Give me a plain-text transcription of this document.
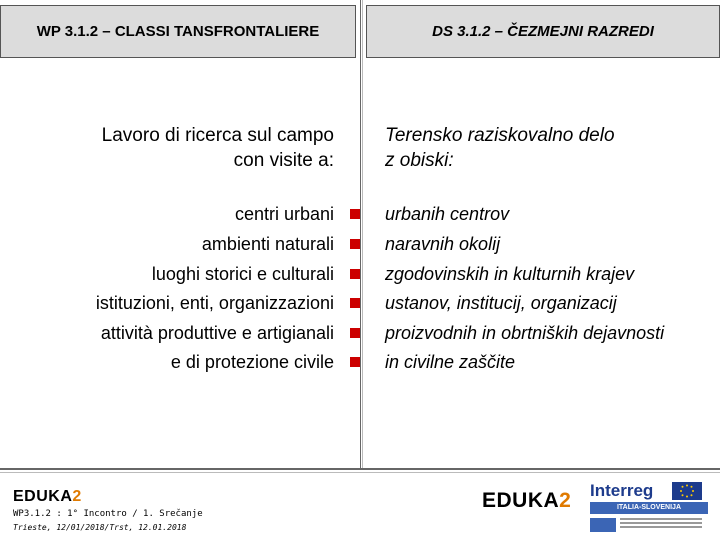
WP 3.1.2 – CLASSI TANSFRONTALIERE	DS 3.1.2 – ČEZMEJNI RAZREDI
Lavoro di ricerca sul campo
con visite a:
Terensko raziskovalno delo
z obiski:
centri urbani	urbanih centrov
ambienti naturali	naravnih okolij
luoghi storici e culturali	zgodovinskih in kulturnih krajev
istituzioni, enti, organizzazioni	ustanov, institucij, organizacij
attività produttive e artigianali	proizvodnih in obrtniških dejavnosti
e di protezione civile	in civilne zaščite
EDUKA2
WP3.1.2 : 1° Incontro / 1. Srečanje
Trieste, 12/01/2018/Trst, 12.01.2018
EDUKA2 Interreg
ITALIA-SLOVENIJA
